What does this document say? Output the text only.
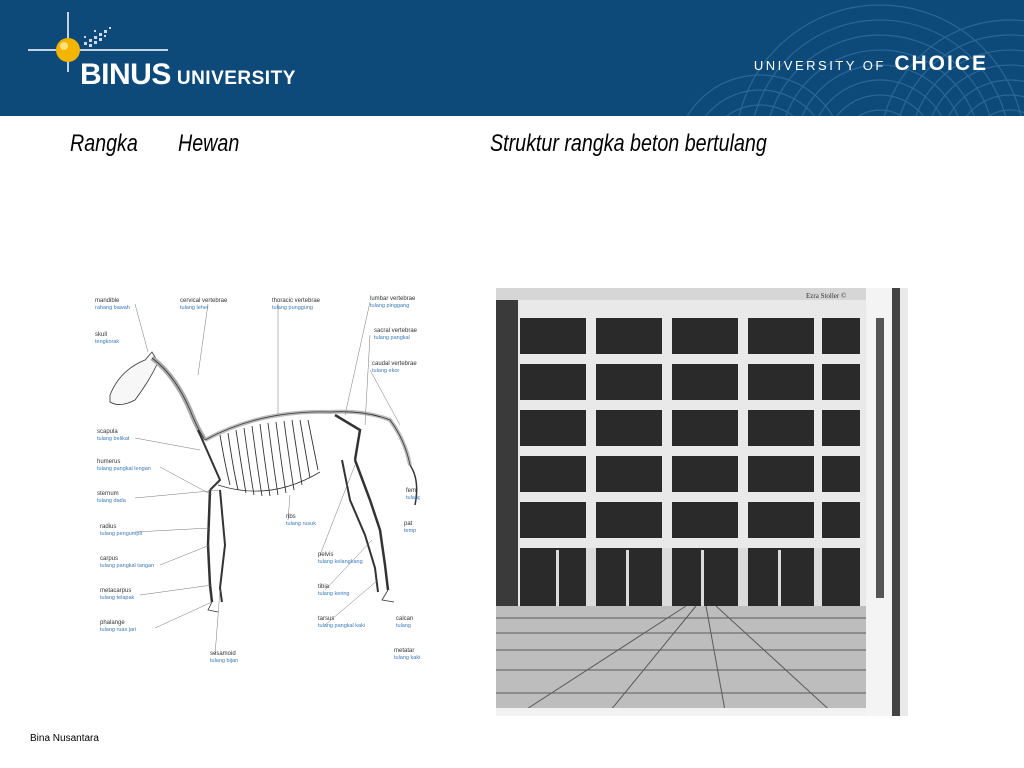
BINUS UNIVERSITY
UNIVERSITY OF CHOICE
Rangka Hewan	Struktur rangka beton bertulang
mandible
rahang bawah
cervical vertebrae
tulang leher
thoracic vertebrae
tulang punggung
lumbar vertebrae
tulang pinggang
skull
tengkorak
sacral vertebrae
tulang pangkal
caudal vertebrae
tulang ekor
scapula
tulang belikat
humerus
tulang pangkal lengan
sternum
tulang dada
radius
tulang pengumpil
carpus
tulang pangkal tangan
metacarpus
tulang telapak
phalange
tulang ruas jari
sesamoid
tulang bijan
ribs
tulang rusuk
pelvis
tulang kelangkang
tibia
tulang kering
tarsus
tulang pangkal kaki
fem
tulang
pat
temp
calcan
tulang
metatar
tulang kaki
Ezra Stoller ©
Bina Nusantara
